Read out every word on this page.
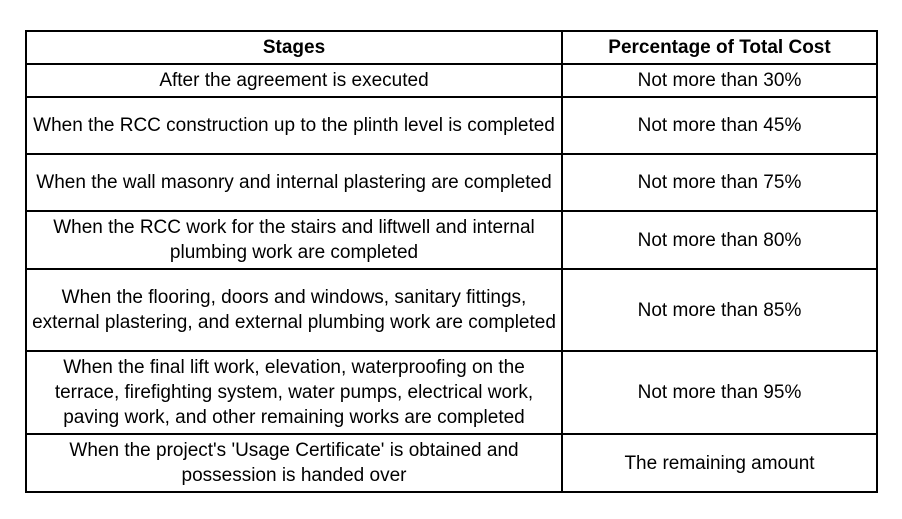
Stages	Percentage of Total Cost
After the agreement is executed	Not more than 30%
When the RCC construction up to the plinth level is completed	Not more than 45%
When the wall masonry and internal plastering are completed	Not more than 75%
When the RCC work for the stairs and liftwell and internal plumbing work are completed	Not more than 80%
When the flooring, doors and windows, sanitary fittings, external plastering, and external plumbing work are completed	Not more than 85%
When the final lift work, elevation, waterproofing on the terrace, firefighting system, water pumps, electrical work, paving work, and other remaining works are completed	Not more than 95%
When the project's 'Usage Certificate' is obtained and possession is handed over	The remaining amount
